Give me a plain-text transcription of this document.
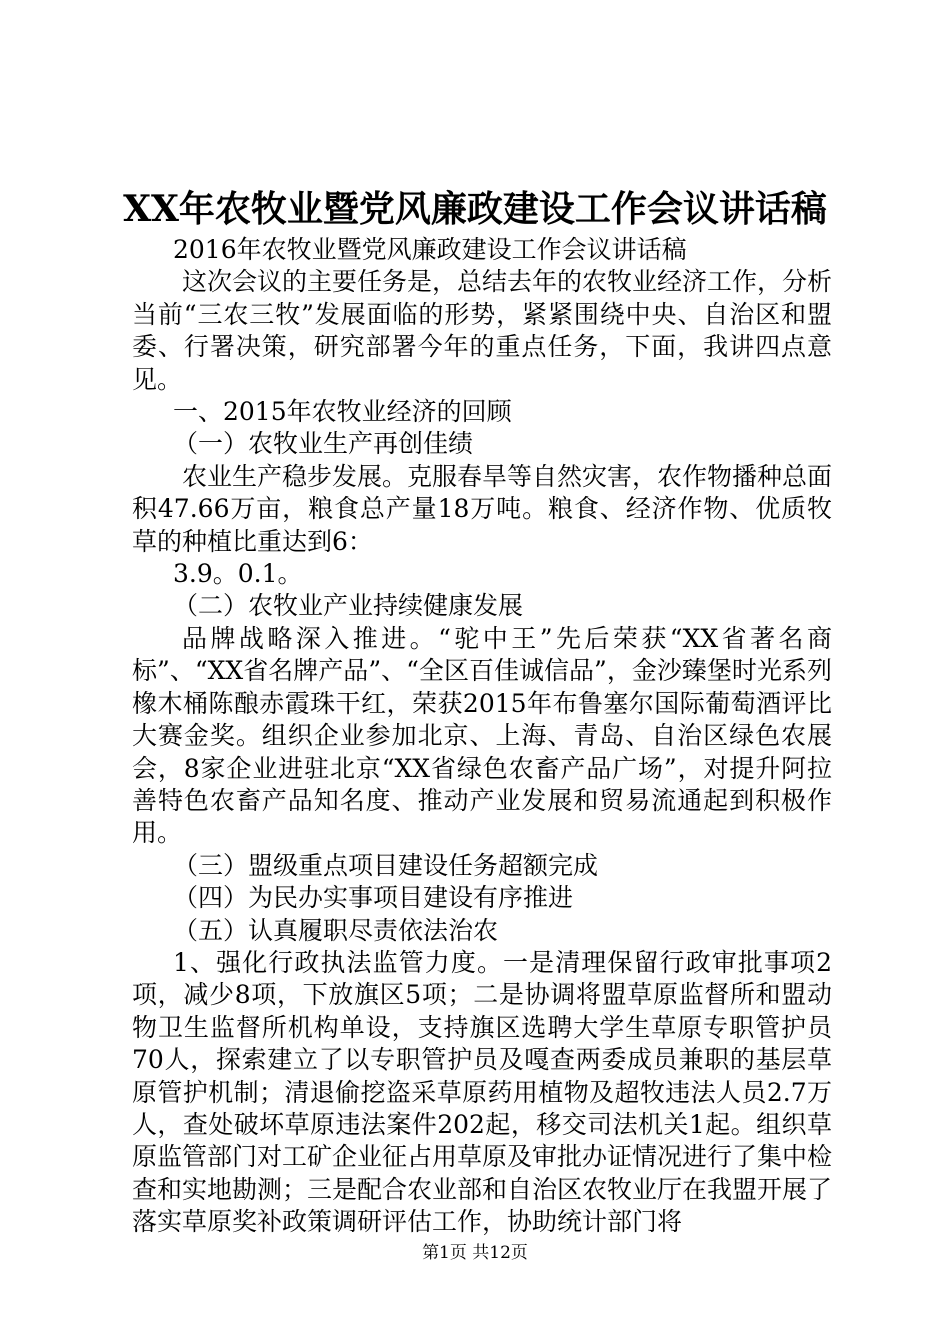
XX年农牧业暨党风廉政建设工作会议讲话稿

2016年农牧业暨党风廉政建设工作会议讲话稿

这次会议的主要任务是，总结去年的农牧业经济工作，分析当前“三农三牧”发展面临的形势，紧紧围绕中央、自治区和盟委、行署决策，研究部署今年的重点任务，下面，我讲四点意见。

一、2015年农牧业经济的回顾

（一）农牧业生产再创佳绩

农业生产稳步发展。克服春旱等自然灾害，农作物播种总面积47.66万亩，粮食总产量18万吨。粮食、经济作物、优质牧草的种植比重达到6：

3.9。0.1。

（二）农牧业产业持续健康发展

品牌战略深入推进。“驼中王”先后荣获“XX省著名商标”、“XX省名牌产品”、“全区百佳诚信品”，金沙臻堡时光系列橡木桶陈酿赤霞珠干红，荣获2015年布鲁塞尔国际葡萄酒评比大赛金奖。组织企业参加北京、上海、青岛、自治区绿色农展会，8家企业进驻北京“XX省绿色农畜产品广场”，对提升阿拉善特色农畜产品知名度、推动产业发展和贸易流通起到积极作用。

（三）盟级重点项目建设任务超额完成

（四）为民办实事项目建设有序推进

（五）认真履职尽责依法治农

1、强化行政执法监管力度。一是清理保留行政审批事项2项，减少8项，下放旗区5项；二是协调将盟草原监督所和盟动物卫生监督所机构单设，支持旗区选聘大学生草原专职管护员70人，探索建立了以专职管护员及嘎查两委成员兼职的基层草原管护机制；清退偷挖盗采草原药用植物及超牧违法人员2.7万人，查处破坏草原违法案件202起，移交司法机关1起。组织草原监管部门对工矿企业征占用草原及审批办证情况进行了集中检查和实地勘测；三是配合农业部和自治区农牧业厅在我盟开展了落实草原奖补政策调研评估工作，协助统计部门将

第1页 共12页
